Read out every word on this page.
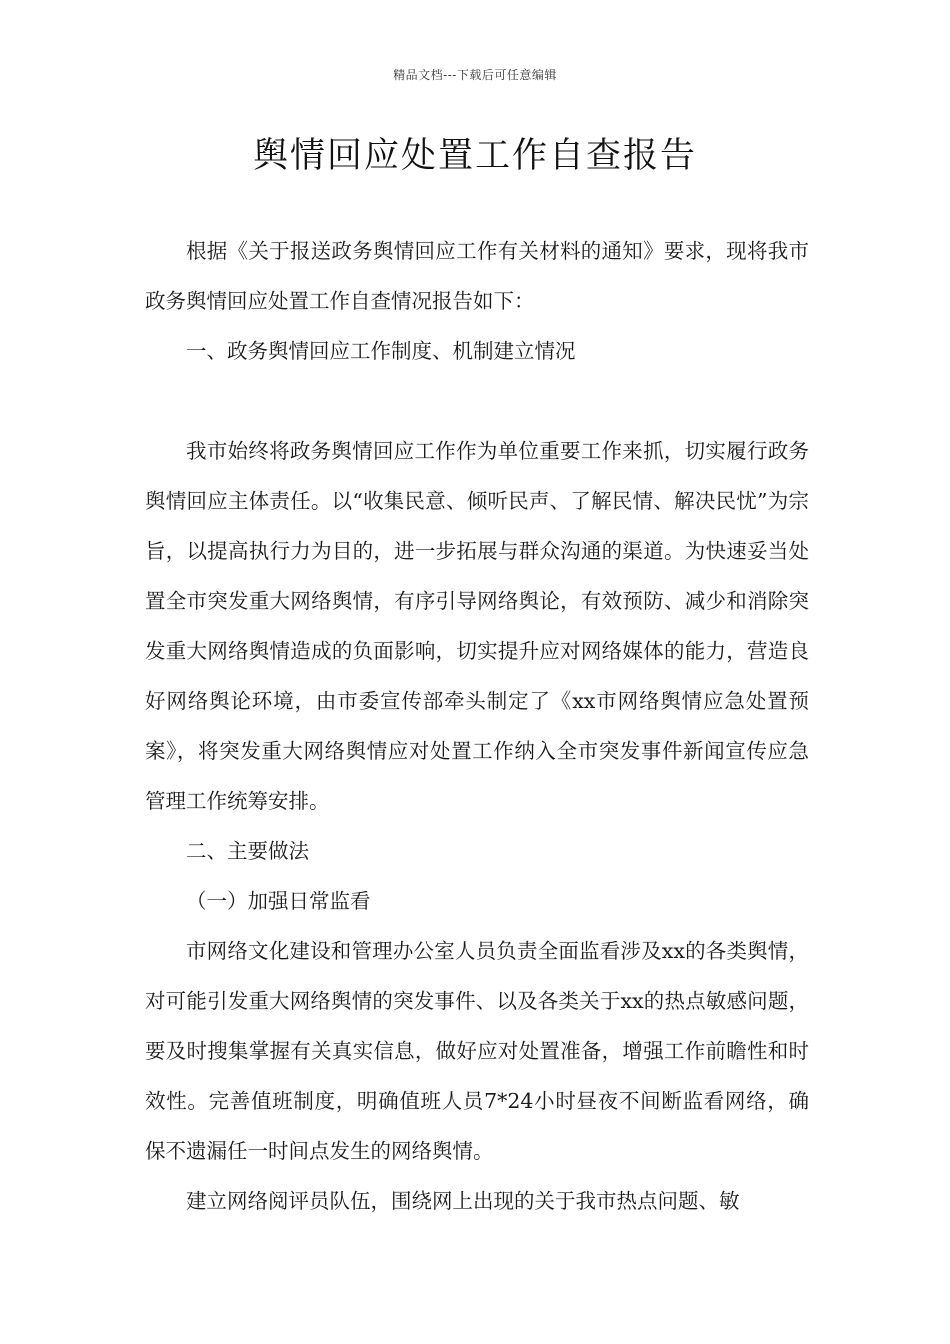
精品文档---下载后可任意编辑
舆情回应处置工作自查报告

根据《关于报送政务舆情回应工作有关材料的通知》要求，现将我市政务舆情回应处置工作自查情况报告如下：

一、政务舆情回应工作制度、机制建立情况

我市始终将政务舆情回应工作作为单位重要工作来抓，切实履行政务舆情回应主体责任。以“收集民意、倾听民声、了解民情、解决民忧”为宗旨，以提高执行力为目的，进一步拓展与群众沟通的渠道。为快速妥当处置全市突发重大网络舆情，有序引导网络舆论，有效预防、减少和消除突发重大网络舆情造成的负面影响，切实提升应对网络媒体的能力，营造良好网络舆论环境，由市委宣传部牵头制定了《xx市网络舆情应急处置预案》，将突发重大网络舆情应对处置工作纳入全市突发事件新闻宣传应急管理工作统筹安排。

二、主要做法

（一）加强日常监看

市网络文化建设和管理办公室人员负责全面监看涉及xx的各类舆情，对可能引发重大网络舆情的突发事件、以及各类关于xx的热点敏感问题，要及时搜集掌握有关真实信息，做好应对处置准备，增强工作前瞻性和时效性。完善值班制度，明确值班人员7*24小时昼夜不间断监看网络，确保不遗漏任一时间点发生的网络舆情。

建立网络阅评员队伍，围绕网上出现的关于我市热点问题、敏
